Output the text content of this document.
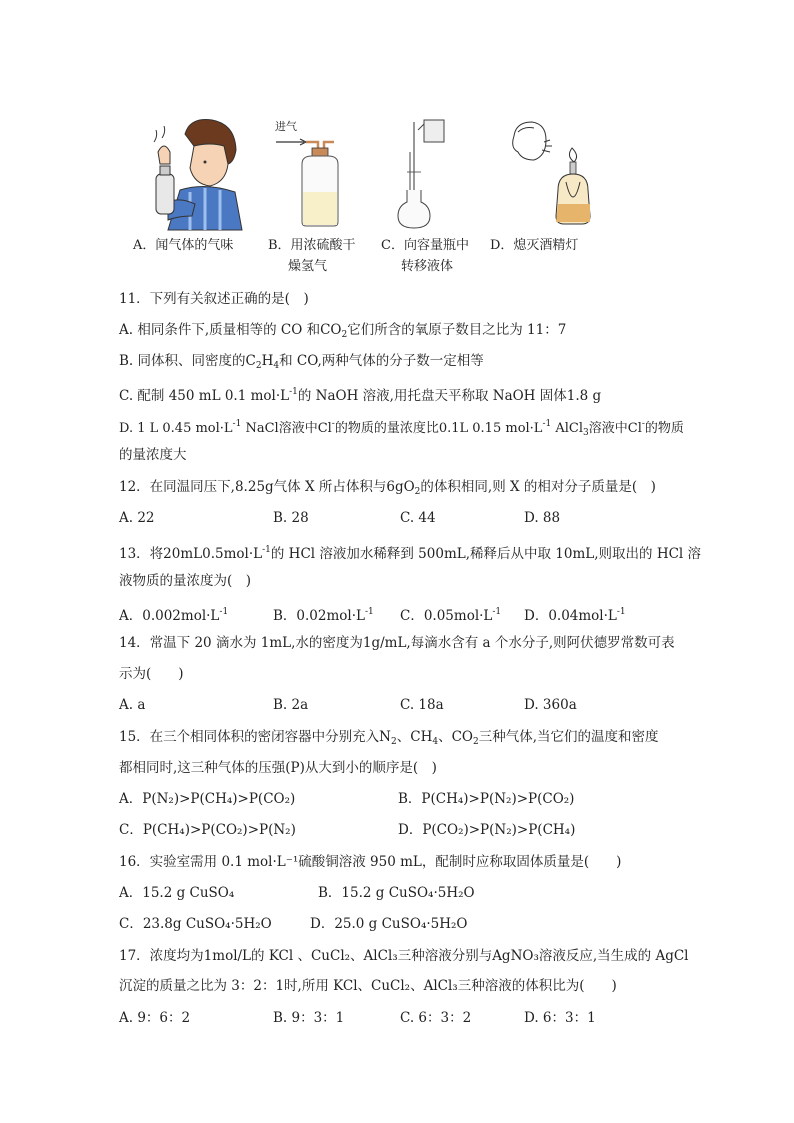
A．闻气体的气味
进气
B．用浓硫酸干
燥氢气
C．向容量瓶中
转移液体
D．熄灭酒精灯
11．下列有关叙述正确的是(　)
A. 相同条件下,质量相等的 CO 和$CO_2$它们所含的氧原子数目之比为 11：7
B. 同体积、同密度的$C_2H_4$和 CO,两种气体的分子数一定相等
C. 配制 450 mL 0.1 $mol\cdot L^{-1}$的 NaOH 溶液,用托盘天平称取 NaOH 固体1.8 g
D. 1 L 0.45 $mol\cdot L^{-1}$ NaCl溶液中Cl-的物质的量浓度比0.1L 0.15 $mol\cdot L^{-1}$ AlCl$_3$溶液中Cl-的物质
的量浓度大
12．在同温同压下,8.25g气体 X 所占体积与$6gO_2$的体积相同,则 X 的相对分子质量是(　)
A. 22	B. 28	C. 44	D. 88
13．将$20mL0.5mol\cdot L^{-1}$的 HCl 溶液加水稀释到 500mL,稀释后从中取 10mL,则取出的 HCl 溶
液物质的量浓度为(　)
A．$0.002mol\cdot L^{-1}$	B．$0.02mol\cdot L^{-1}$ C．$0.05mol\cdot L^{-1}$ D．$0.04mol\cdot L^{-1}$
14．常温下 20 滴水为 1mL,水的密度为1g/mL,每滴水含有 a 个水分子,则阿伏德罗常数可表
示为(　　)
A. a	B. 2a	C. 18a	D. 360a
15．在三个相同体积的密闭容器中分别充入$N_2$、$CH_4$、$CO_2$三种气体,当它们的温度和密度
都相同时,这三种气体的压强(P)从大到小的顺序是(　)
A．P(N₂)>P(CH₄)>P(CO₂)	B．P(CH₄)>P(N₂)>P(CO₂)
C．P(CH₄)>P(CO₂)>P(N₂)	D．P(CO₂)>P(N₂)>P(CH₄)
16．实验室需用 0.1 mol·L⁻¹硫酸铜溶液 950 mL，配制时应称取固体质量是(　　)
A．15.2 g CuSO₄	B．15.2 g CuSO₄·5H₂O
C．23.8g CuSO₄·5H₂O	D．25.0 g CuSO₄·5H₂O
17．浓度均为1mol/L的 KCl 、CuCl₂、AlCl₃三种溶液分别与AgNO₃溶液反应,当生成的 AgCl
沉淀的质量之比为 3：2：1时,所用 KCl、CuCl₂、AlCl₃三种溶液的体积比为(　　)
A. 9：6：2	B. 9：3：1	C. 6：3：2	D. 6：3：1
